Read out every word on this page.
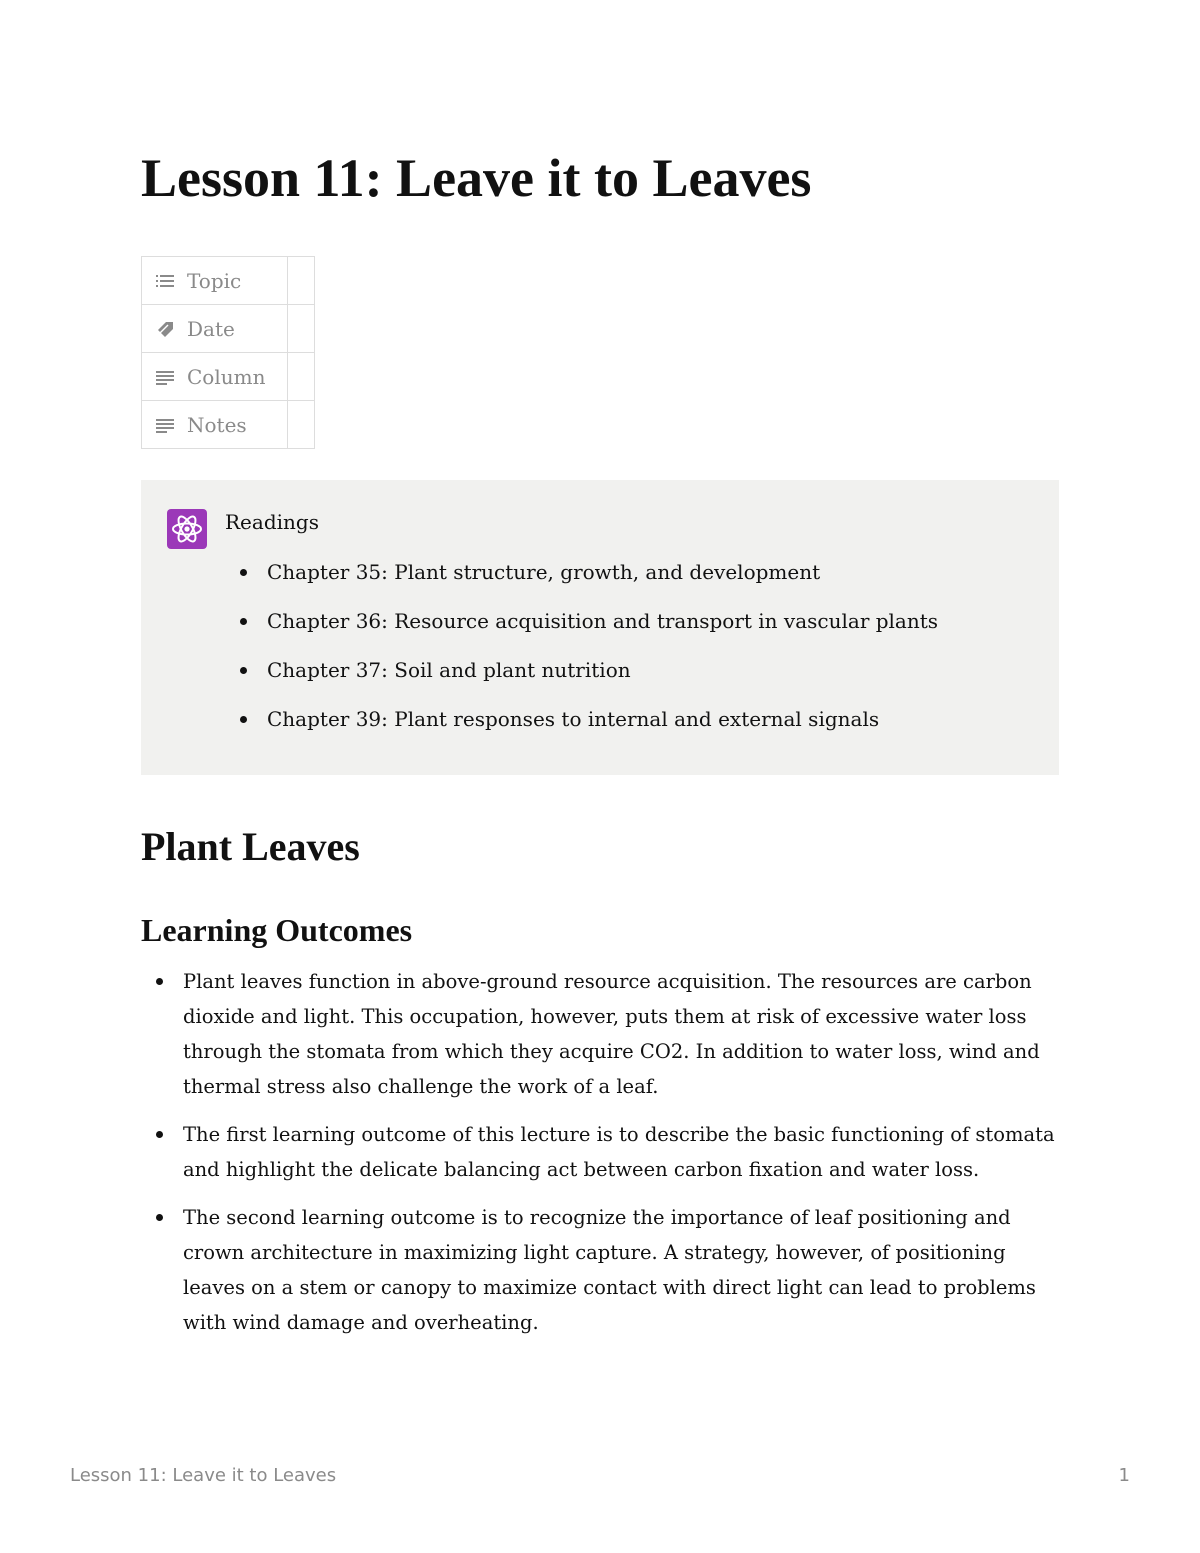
Lesson 11: Leave it to Leaves
Topic	

Date	

Column	

Notes	

Readings
Chapter 35: Plant structure, growth, and development
Chapter 36: Resource acquisition and transport in vascular plants
Chapter 37: Soil and plant nutrition
Chapter 39: Plant responses to internal and external signals
Plant Leaves
Learning Outcomes
Plant leaves function in above-ground resource acquisition. The resources are carbon dioxide and light. This occupation, however, puts them at risk of excessive water loss through the stomata from which they acquire CO2. In addition to water loss, wind and thermal stress also challenge the work of a leaf.
The first learning outcome of this lecture is to describe the basic functioning of stomata and highlight the delicate balancing act between carbon fixation and water loss.
The second learning outcome is to recognize the importance of leaf positioning and crown architecture in maximizing light capture. A strategy, however, of positioning leaves on a stem or canopy to maximize contact with direct light can lead to problems with wind damage and overheating.
Lesson 11: Leave it to Leaves	1
